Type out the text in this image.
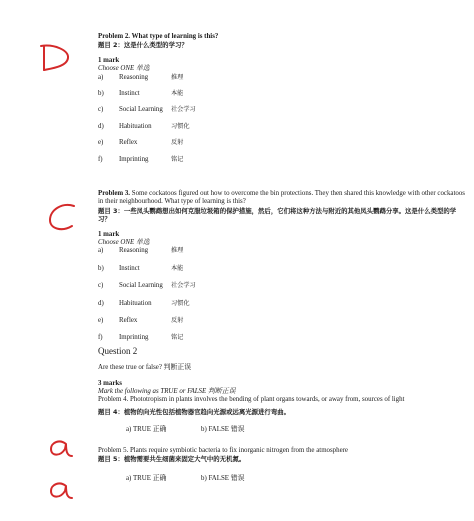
Problem 2. What type of learning is this?
题目 2：这是什么类型的学习？
1 mark
Choose ONE 单选
a)	Reasoning	推理
b)	Instinct	本能
c)	Social Learning	社会学习
d)	Habituation	习惯化
e)	Reflex	反射
f)	Imprinting	铭记
Problem 3. Some cockatoos figured out how to overcome the bin protections. They then shared this knowledge with other cockatoos in their neighbourhood. What type of learning is this?
题目 3：一些凤头鹦鹉想出如何克服垃圾箱的保护措施，然后，它们将这种方法与附近的其他凤头鹦鹉分享。这是什么类型的学习？
1 mark
Choose ONE 单选
a)	Reasoning	推理
b)	Instinct	本能
c)	Social Learning	社会学习
d)	Habituation	习惯化
e)	Reflex	反射
f)	Imprinting	铭记
Question 2
Are these true or false? 判断正误
3 marks
Mark the following as TRUE or FALSE 判断正误
Problem 4. Phototropism in plants involves the bending of plant organs towards, or away from, sources of light
题目 4：植物的向光性包括植物器官趋向光源或远离光源进行弯曲。
a) TRUE 正确	b) FALSE 错误
Problem 5. Plants require symbiotic bacteria to fix inorganic nitrogen from the atmosphere
题目 5：植物需要共生细菌来固定大气中的无机氮。
a) TRUE 正确	b) FALSE 错误
